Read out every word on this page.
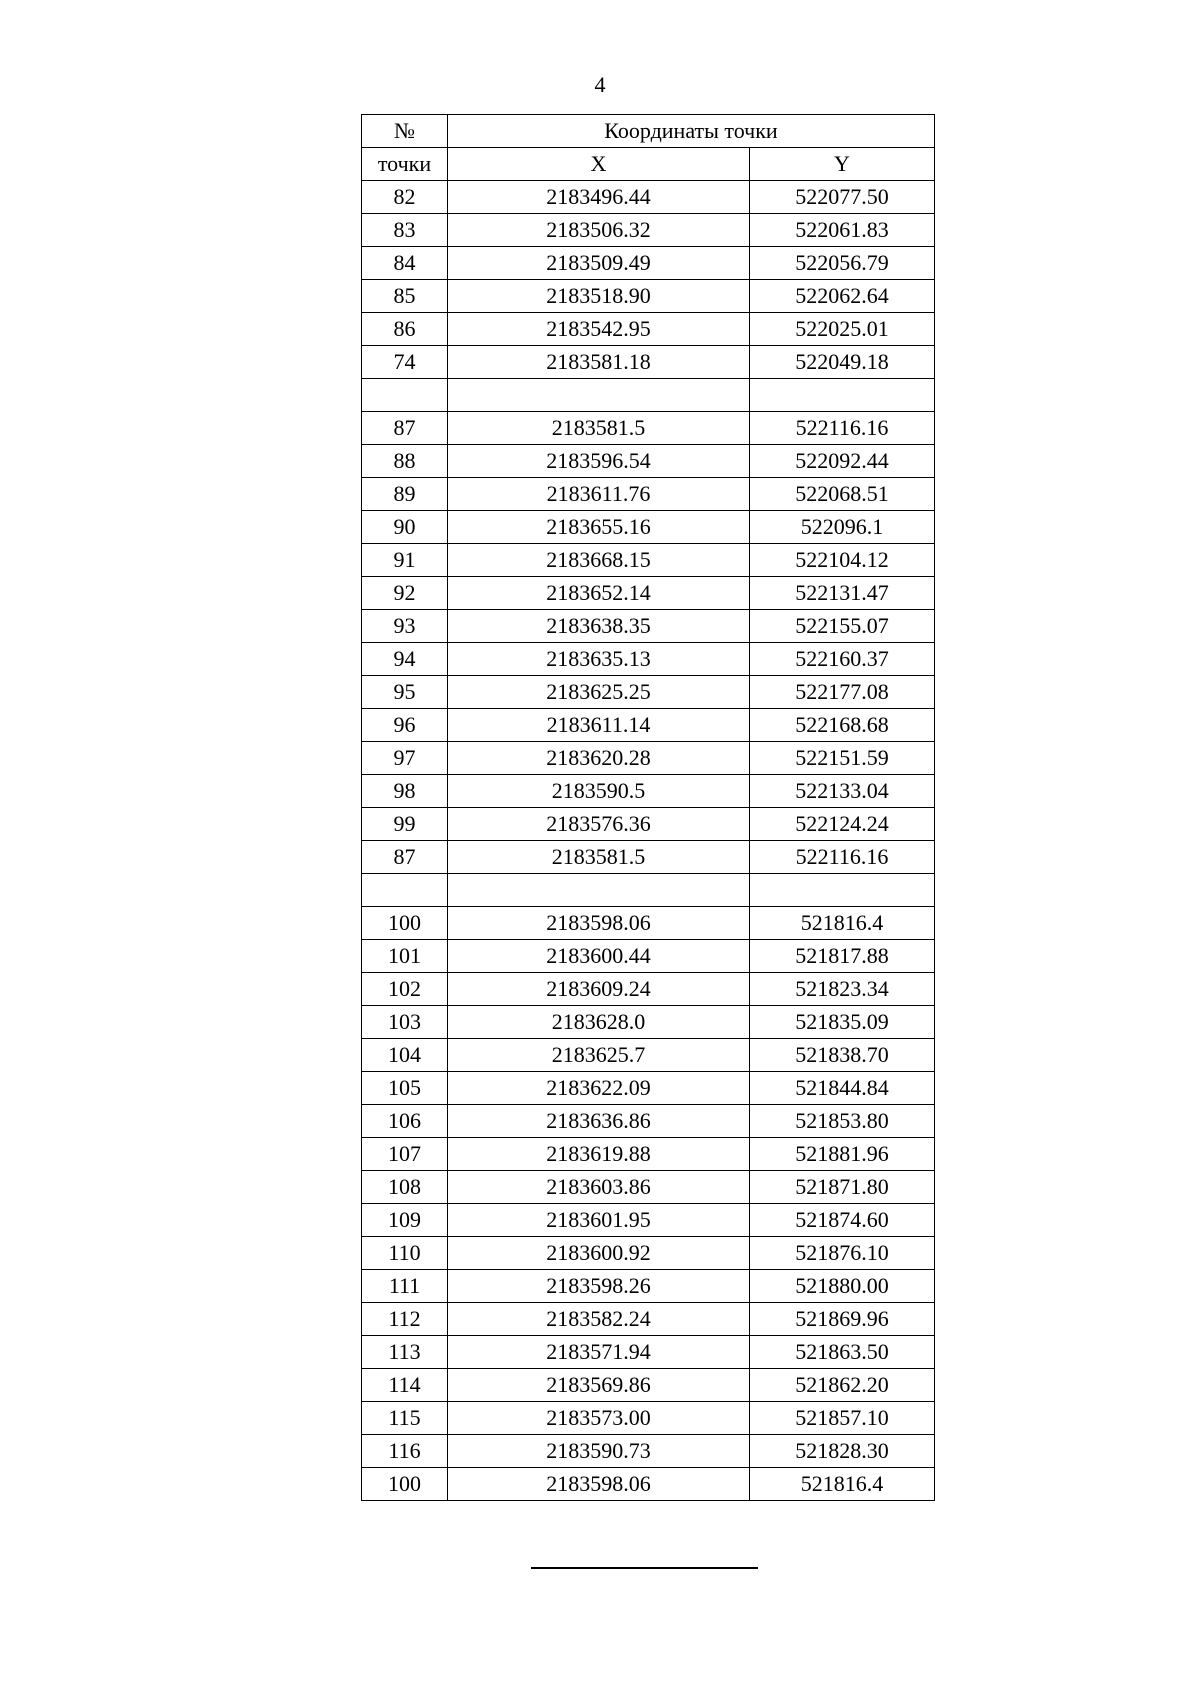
4
№	Координаты точки	
точки	X	Y
82	2183496.44	522077.50
83	2183506.32	522061.83
84	2183509.49	522056.79
85	2183518.90	522062.64
86	2183542.95	522025.01
74	2183581.18	522049.18

87	2183581.5	522116.16
88	2183596.54	522092.44
89	2183611.76	522068.51
90	2183655.16	522096.1
91	2183668.15	522104.12
92	2183652.14	522131.47
93	2183638.35	522155.07
94	2183635.13	522160.37
95	2183625.25	522177.08
96	2183611.14	522168.68
97	2183620.28	522151.59
98	2183590.5	522133.04
99	2183576.36	522124.24
87	2183581.5	522116.16

100	2183598.06	521816.4
101	2183600.44	521817.88
102	2183609.24	521823.34
103	2183628.0	521835.09
104	2183625.7	521838.70
105	2183622.09	521844.84
106	2183636.86	521853.80
107	2183619.88	521881.96
108	2183603.86	521871.80
109	2183601.95	521874.60
110	2183600.92	521876.10
111	2183598.26	521880.00
112	2183582.24	521869.96
113	2183571.94	521863.50
114	2183569.86	521862.20
115	2183573.00	521857.10
116	2183590.73	521828.30
100	2183598.06	521816.4
